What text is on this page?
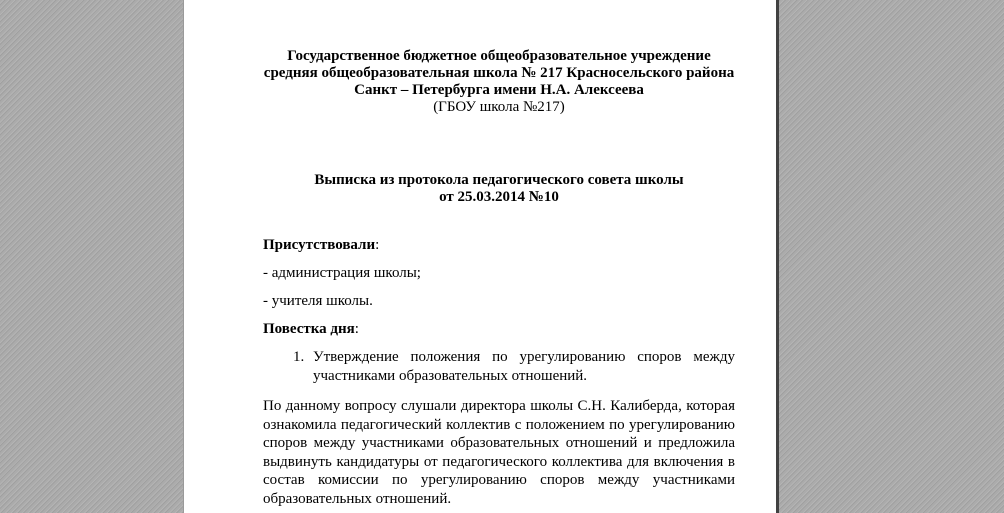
Государственное бюджетное общеобразовательное учреждение
средняя общеобразовательная школа № 217 Красносельского района
Санкт – Петербурга имени Н.А. Алексеева
(ГБОУ школа №217)
Выписка из протокола педагогического совета школы
от 25.03.2014 №10

Присутствовали:

- администрация школы;

- учителя школы.

Повестка дня:

1. Утверждение положения по урегулированию споров между участниками образовательных отношений.

По данному вопросу слушали директора школы С.Н. Калиберда, которая ознакомила педагогический коллектив с положением по урегулированию споров между участниками образовательных отношений и предложила выдвинуть кандидатуры от педагогического коллектива для включения в состав комиссии по урегулированию споров между участниками образовательных отношений.
